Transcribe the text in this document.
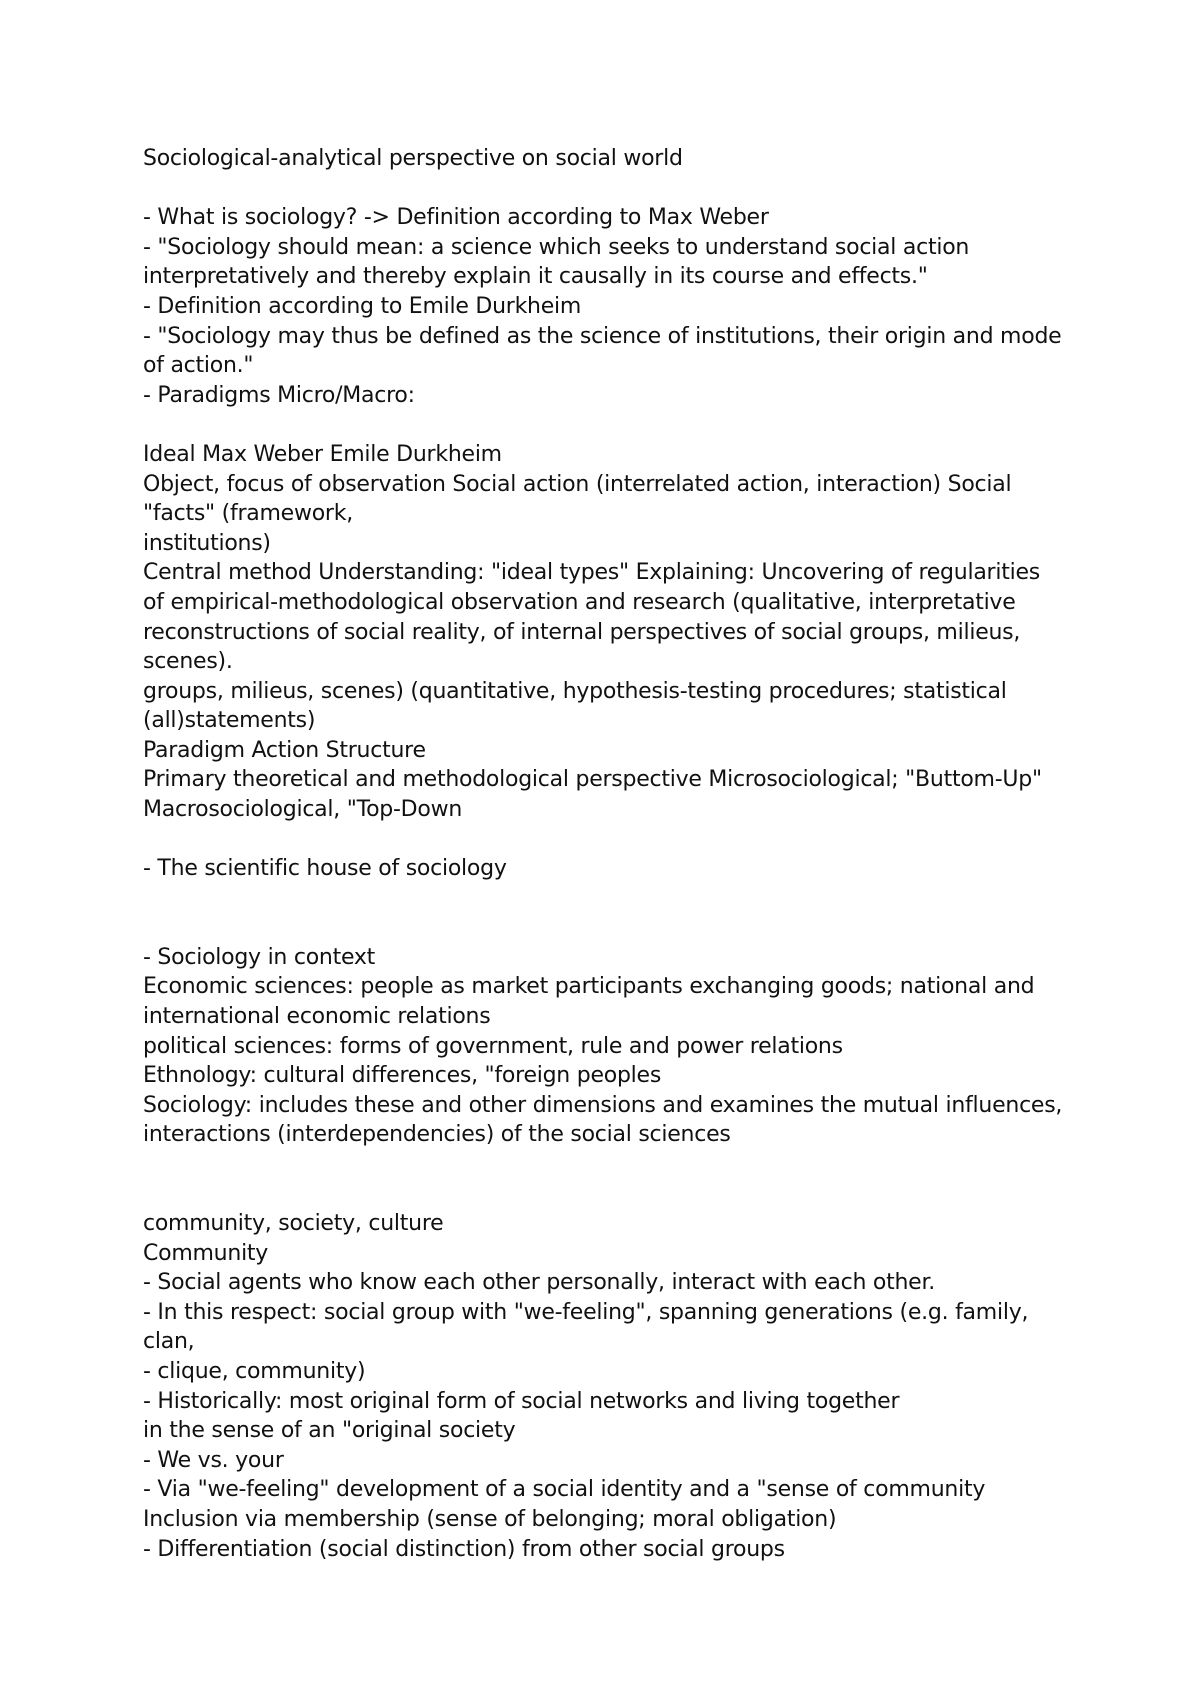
Sociological-analytical perspective on social world
- What is sociology? -> Definition according to Max Weber
- "Sociology should mean: a science which seeks to understand social action
interpretatively and thereby explain it causally in its course and effects."
- Definition according to Emile Durkheim
- "Sociology may thus be defined as the science of institutions, their origin and mode
of action."
- Paradigms Micro/Macro:
Ideal Max Weber Emile Durkheim
Object, focus of observation Social action (interrelated action, interaction) Social
"facts" (framework,
institutions)
Central method Understanding: "ideal types" Explaining: Uncovering of regularities
of empirical-methodological observation and research (qualitative, interpretative
reconstructions of social reality, of internal perspectives of social groups, milieus,
scenes).
groups, milieus, scenes) (quantitative, hypothesis-testing procedures; statistical
(all)statements)
Paradigm Action Structure
Primary theoretical and methodological perspective Microsociological; "Buttom-Up"
Macrosociological, "Top-Down
- The scientific house of sociology
- Sociology in context
Economic sciences: people as market participants exchanging goods; national and
international economic relations
political sciences: forms of government, rule and power relations
Ethnology: cultural differences, "foreign peoples
Sociology: includes these and other dimensions and examines the mutual influences,
interactions (interdependencies) of the social sciences
community, society, culture
Community
- Social agents who know each other personally, interact with each other.
- In this respect: social group with "we-feeling", spanning generations (e.g. family,
clan,
- clique, community)
- Historically: most original form of social networks and living together
in the sense of an "original society
- We vs. your
- Via "we-feeling" development of a social identity and a "sense of community
Inclusion via membership (sense of belonging; moral obligation)
- Differentiation (social distinction) from other social groups
